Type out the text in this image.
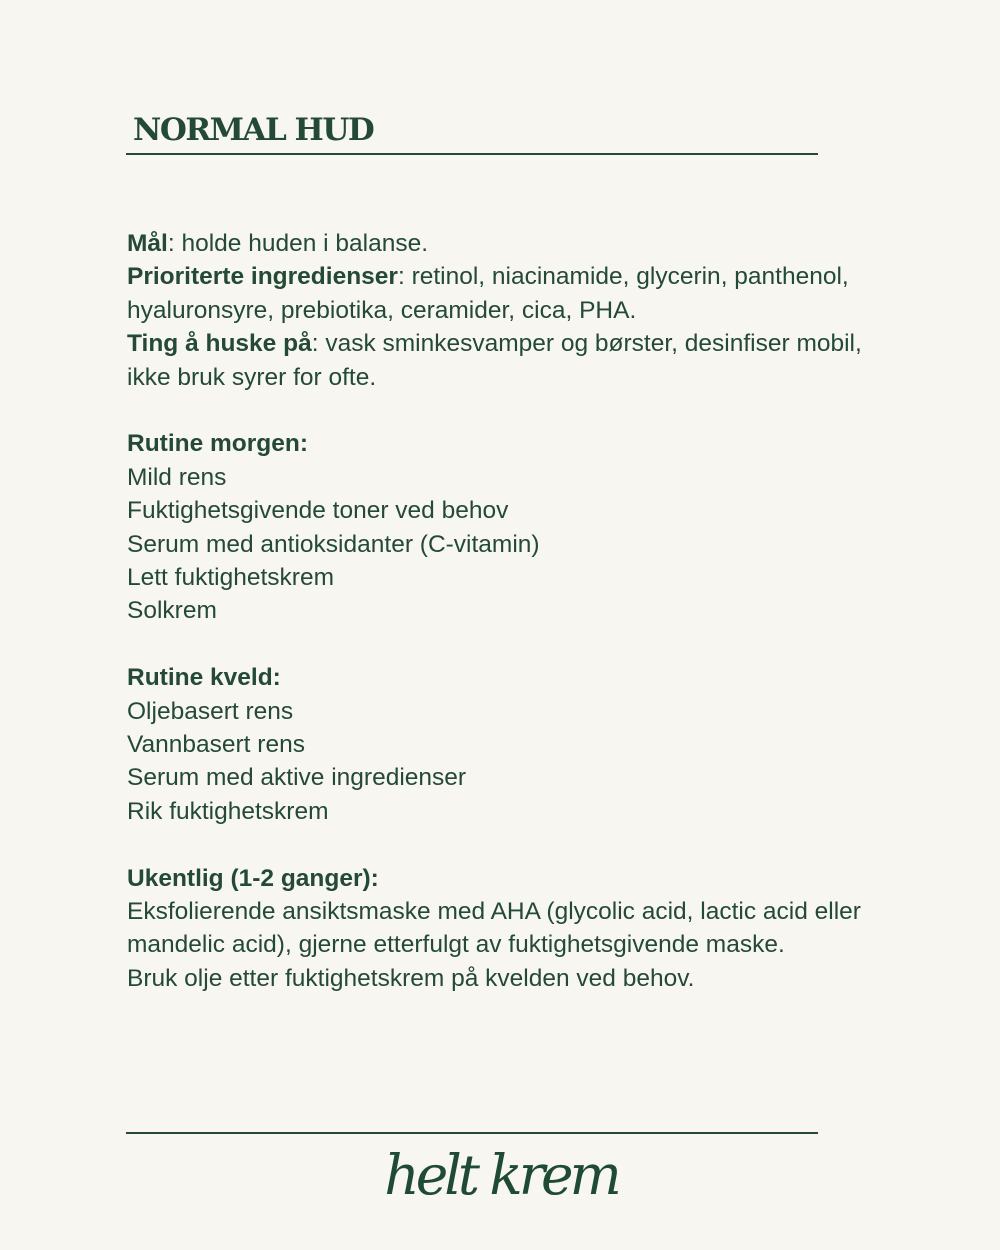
NORMAL HUD

Mål: holde huden i balanse.

Prioriterte ingredienser: retinol, niacinamide, glycerin, panthenol, hyaluronsyre, prebiotika, ceramider, cica, PHA.

Ting å huske på: vask sminkesvamper og børster, desinfiser mobil, ikke bruk syrer for ofte.

Rutine morgen:

Mild rens

Fuktighetsgivende toner ved behov

Serum med antioksidanter (C-vitamin)

Lett fuktighetskrem

Solkrem

Rutine kveld:

Oljebasert rens

Vannbasert rens

Serum med aktive ingredienser

Rik fuktighetskrem

Ukentlig (1-2 ganger):

Eksfolierende ansiktsmaske med AHA (glycolic acid, lactic acid eller mandelic acid), gjerne etterfulgt av fuktighetsgivende maske.

Bruk olje etter fuktighetskrem på kvelden ved behov.

helt krem
